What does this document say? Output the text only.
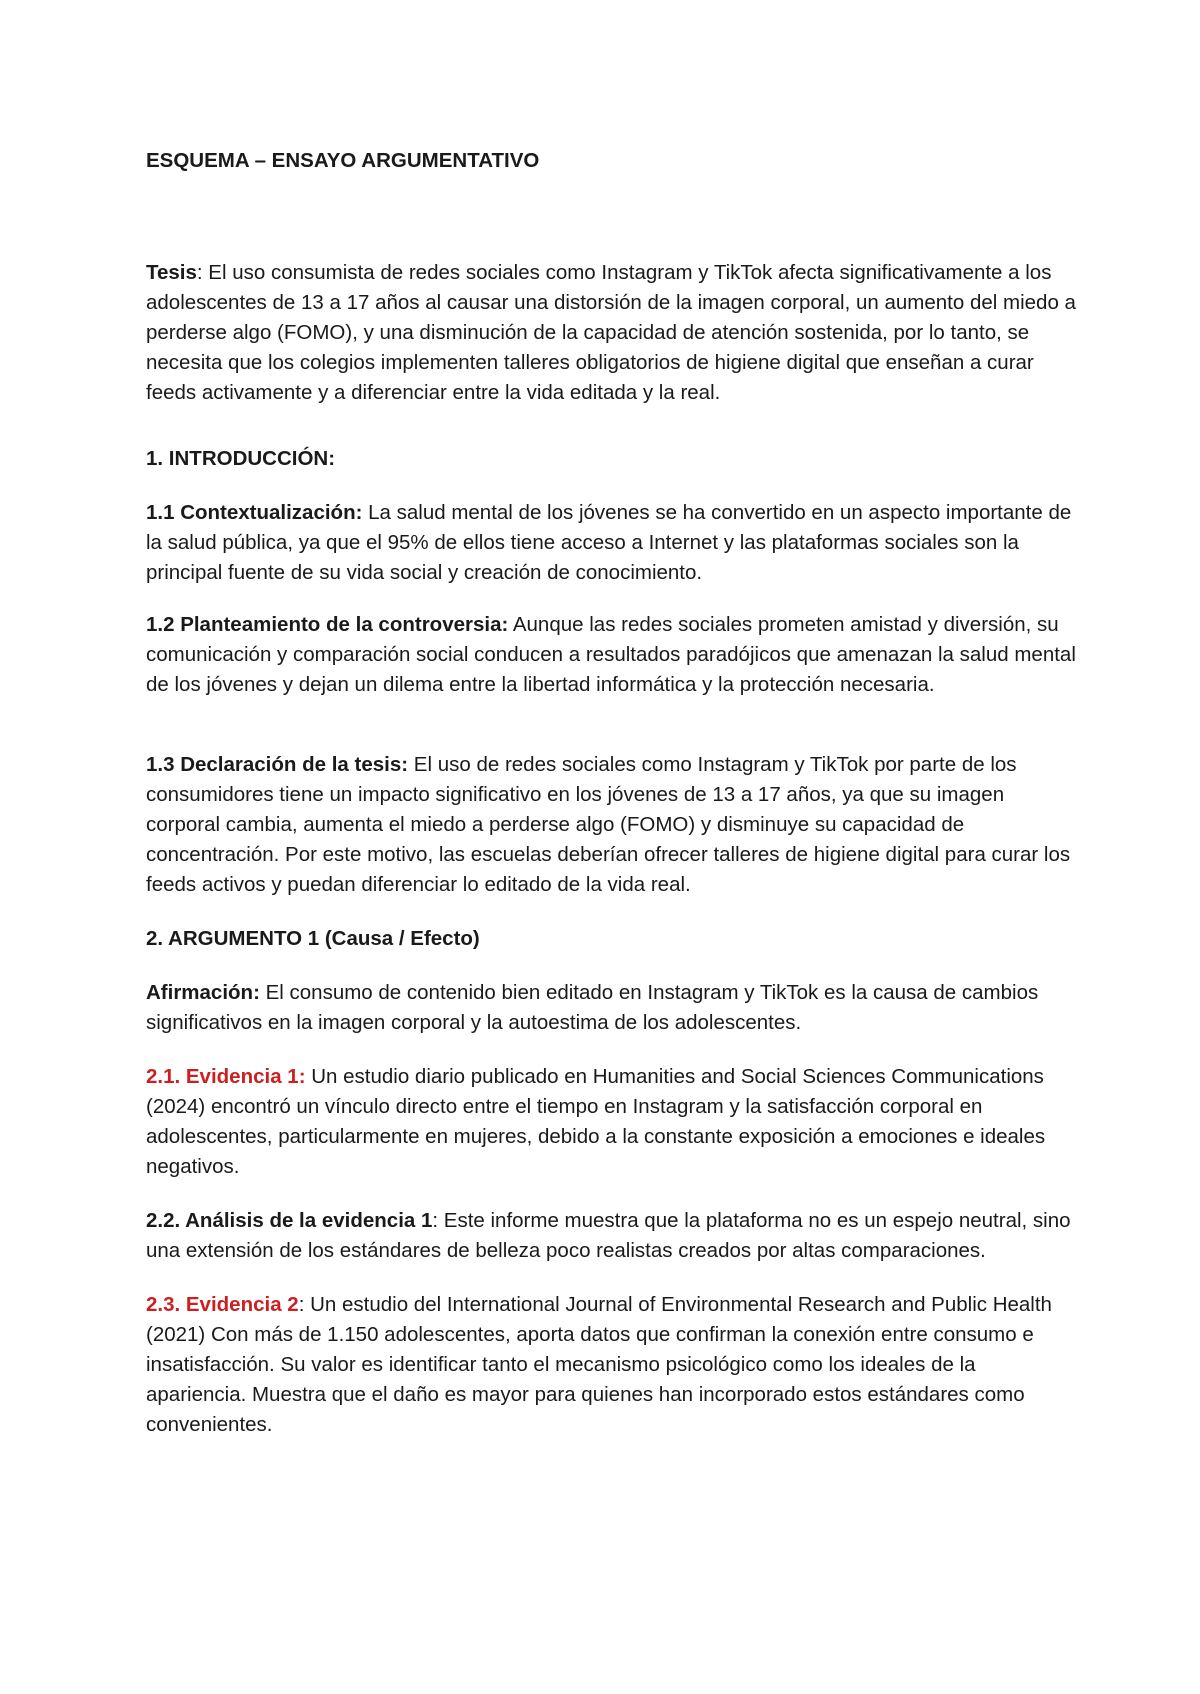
ESQUEMA – ENSAYO ARGUMENTATIVO

Tesis: El uso consumista de redes sociales como Instagram y TikTok afecta significativamente a los adolescentes de 13 a 17 años al causar una distorsión de la imagen corporal, un aumento del miedo a perderse algo (FOMO), y una disminución de la capacidad de atención sostenida, por lo tanto, se necesita que los colegios implementen talleres obligatorios de higiene digital que enseñan a curar feeds activamente y a diferenciar entre la vida editada y la real.

1. INTRODUCCIÓN:

1.1 Contextualización: La salud mental de los jóvenes se ha convertido en un aspecto importante de la salud pública, ya que el 95% de ellos tiene acceso a Internet y las plataformas sociales son la principal fuente de su vida social y creación de conocimiento.

1.2 Planteamiento de la controversia: Aunque las redes sociales prometen amistad y diversión, su comunicación y comparación social conducen a resultados paradójicos que amenazan la salud mental de los jóvenes y dejan un dilema entre la libertad informática y la protección necesaria.

1.3 Declaración de la tesis: El uso de redes sociales como Instagram y TikTok por parte de los consumidores tiene un impacto significativo en los jóvenes de 13 a 17 años, ya que su imagen corporal cambia, aumenta el miedo a perderse algo (FOMO) y disminuye su capacidad de concentración. Por este motivo, las escuelas deberían ofrecer talleres de higiene digital para curar los feeds activos y puedan diferenciar lo editado de la vida real.

2. ARGUMENTO 1 (Causa / Efecto)

Afirmación: El consumo de contenido bien editado en Instagram y TikTok es la causa de cambios significativos en la imagen corporal y la autoestima de los adolescentes.

2.1. Evidencia 1: Un estudio diario publicado en Humanities and Social Sciences Communications (2024) encontró un vínculo directo entre el tiempo en Instagram y la satisfacción corporal en adolescentes, particularmente en mujeres, debido a la constante exposición a emociones e ideales negativos.

2.2. Análisis de la evidencia 1: Este informe muestra que la plataforma no es un espejo neutral, sino una extensión de los estándares de belleza poco realistas creados por altas comparaciones.

2.3. Evidencia 2: Un estudio del International Journal of Environmental Research and Public Health (2021) Con más de 1.150 adolescentes, aporta datos que confirman la conexión entre consumo e insatisfacción. Su valor es identificar tanto el mecanismo psicológico como los ideales de la apariencia. Muestra que el daño es mayor para quienes han incorporado estos estándares como convenientes.
